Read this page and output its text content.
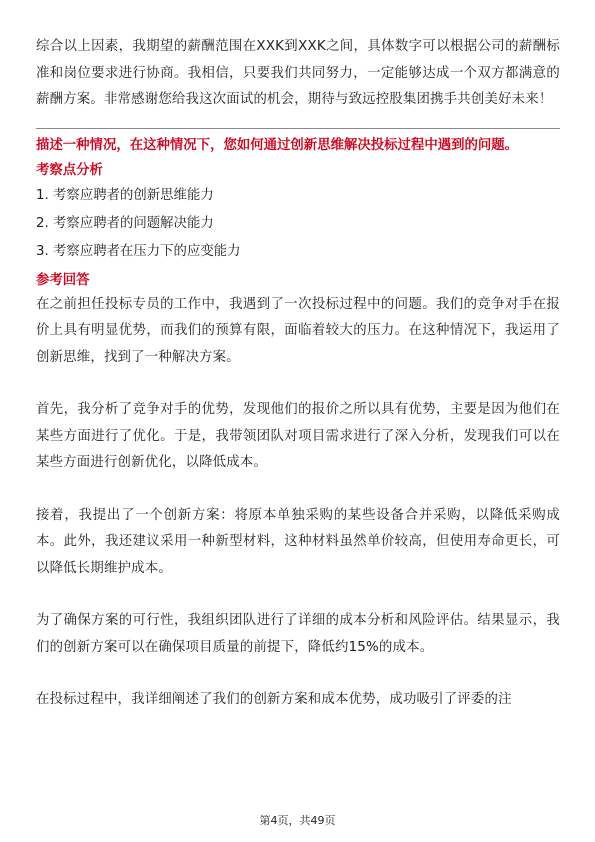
综合以上因素，我期望的薪酬范围在XXK到XXK之间，具体数字可以根据公司的薪酬标准和岗位要求进行协商。我相信，只要我们共同努力，一定能够达成一个双方都满意的薪酬方案。非常感谢您给我这次面试的机会，期待与致远控股集团携手共创美好未来！

描述一种情况，在这种情况下，您如何通过创新思维解决投标过程中遇到的问题。
考察点分析
1. 考察应聘者的创新思维能力
2. 考察应聘者的问题解决能力
3. 考察应聘者在压力下的应变能力
参考回答

在之前担任投标专员的工作中，我遇到了一次投标过程中的问题。我们的竞争对手在报价上具有明显优势，而我们的预算有限，面临着较大的压力。在这种情况下，我运用了创新思维，找到了一种解决方案。

首先，我分析了竞争对手的优势，发现他们的报价之所以具有优势，主要是因为他们在某些方面进行了优化。于是，我带领团队对项目需求进行了深入分析，发现我们可以在某些方面进行创新优化，以降低成本。

接着，我提出了一个创新方案：将原本单独采购的某些设备合并采购，以降低采购成本。此外，我还建议采用一种新型材料，这种材料虽然单价较高，但使用寿命更长，可以降低长期维护成本。

为了确保方案的可行性，我组织团队进行了详细的成本分析和风险评估。结果显示，我们的创新方案可以在确保项目质量的前提下，降低约15%的成本。

在投标过程中，我详细阐述了我们的创新方案和成本优势，成功吸引了评委的注

第4页，共49页
